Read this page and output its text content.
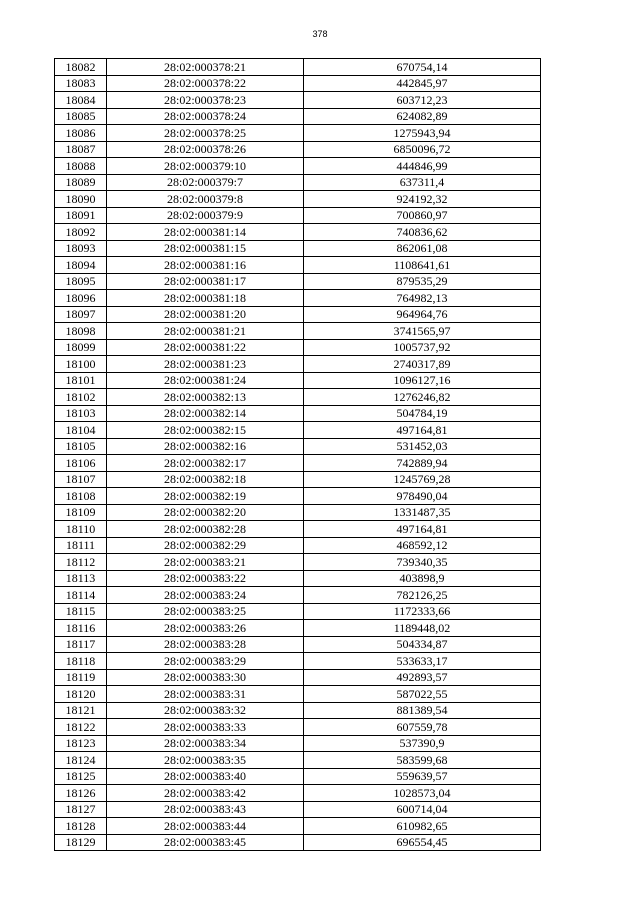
378
18082	28:02:000378:21	670754,14
18083	28:02:000378:22	442845,97
18084	28:02:000378:23	603712,23
18085	28:02:000378:24	624082,89
18086	28:02:000378:25	1275943,94
18087	28:02:000378:26	6850096,72
18088	28:02:000379:10	444846,99
18089	28:02:000379:7	637311,4
18090	28:02:000379:8	924192,32
18091	28:02:000379:9	700860,97
18092	28:02:000381:14	740836,62
18093	28:02:000381:15	862061,08
18094	28:02:000381:16	1108641,61
18095	28:02:000381:17	879535,29
18096	28:02:000381:18	764982,13
18097	28:02:000381:20	964964,76
18098	28:02:000381:21	3741565,97
18099	28:02:000381:22	1005737,92
18100	28:02:000381:23	2740317,89
18101	28:02:000381:24	1096127,16
18102	28:02:000382:13	1276246,82
18103	28:02:000382:14	504784,19
18104	28:02:000382:15	497164,81
18105	28:02:000382:16	531452,03
18106	28:02:000382:17	742889,94
18107	28:02:000382:18	1245769,28
18108	28:02:000382:19	978490,04
18109	28:02:000382:20	1331487,35
18110	28:02:000382:28	497164,81
18111	28:02:000382:29	468592,12
18112	28:02:000383:21	739340,35
18113	28:02:000383:22	403898,9
18114	28:02:000383:24	782126,25
18115	28:02:000383:25	1172333,66
18116	28:02:000383:26	1189448,02
18117	28:02:000383:28	504334,87
18118	28:02:000383:29	533633,17
18119	28:02:000383:30	492893,57
18120	28:02:000383:31	587022,55
18121	28:02:000383:32	881389,54
18122	28:02:000383:33	607559,78
18123	28:02:000383:34	537390,9
18124	28:02:000383:35	583599,68
18125	28:02:000383:40	559639,57
18126	28:02:000383:42	1028573,04
18127	28:02:000383:43	600714,04
18128	28:02:000383:44	610982,65
18129	28:02:000383:45	696554,45
